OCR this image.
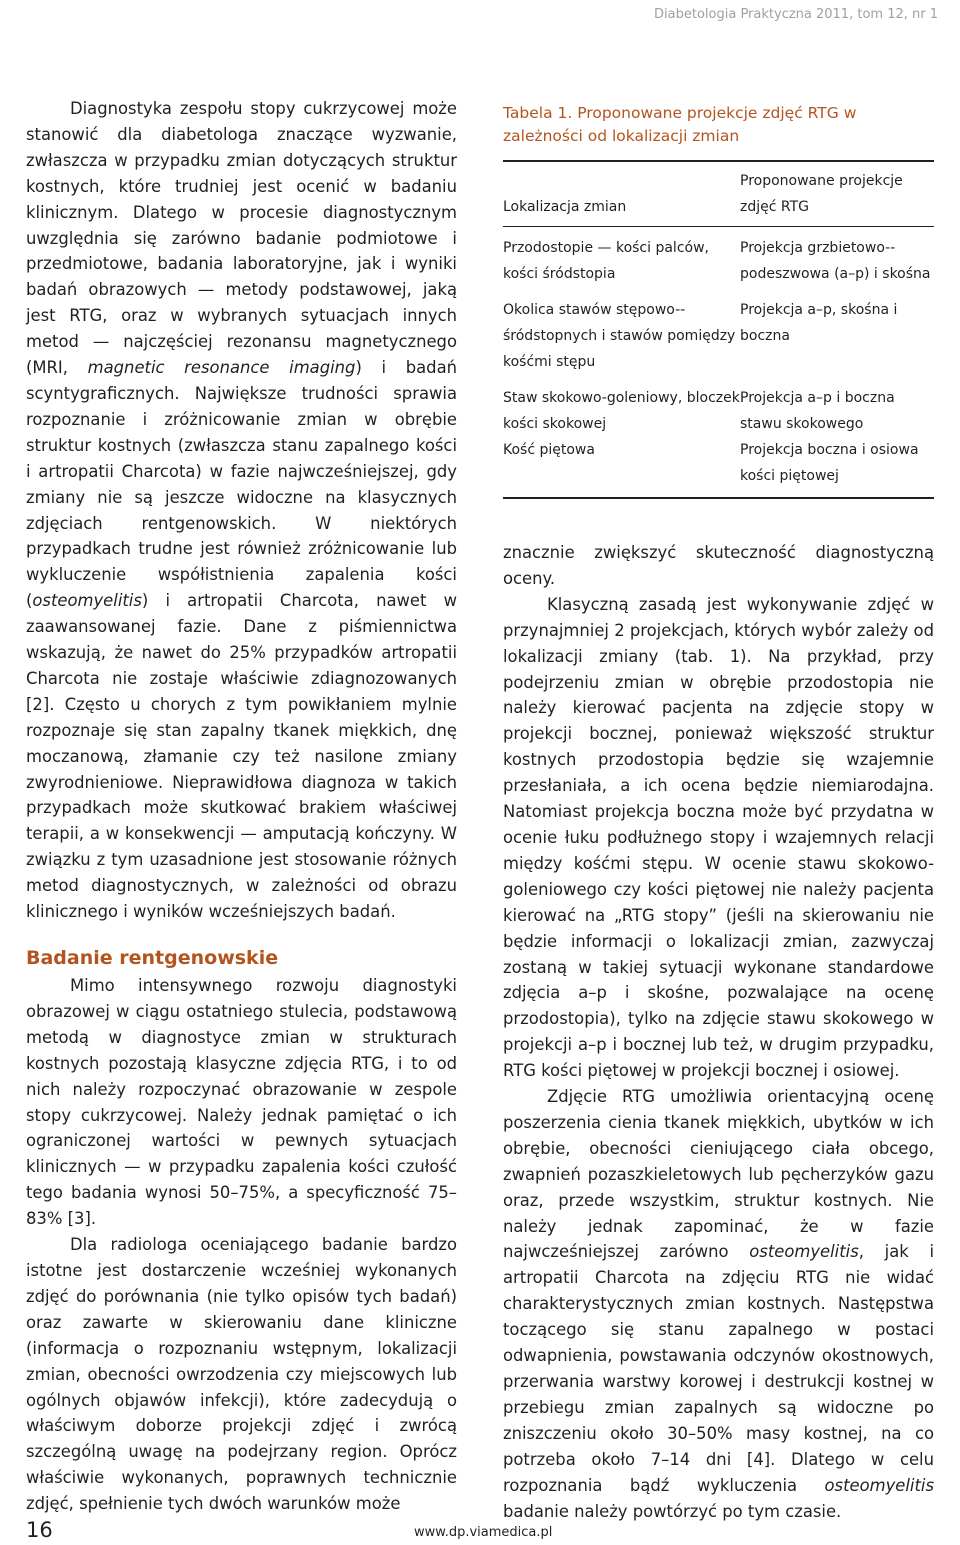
Diabetologia Praktyczna 2011, tom 12, nr 1

Diagnostyka zespołu stopy cukrzycowej może stanowić dla diabetologa znaczące wyzwanie, zwłaszcza w przypadku zmian dotyczących struktur kostnych, które trudniej jest ocenić w badaniu klinicznym. Dlatego w procesie diagnostycznym uwzględnia się zarówno badanie podmiotowe i przedmiotowe, badania laboratoryjne, jak i wyniki badań obrazowych — metody podstawowej, jaką jest RTG, oraz w wybranych sytuacjach innych metod — najczęściej rezonansu magnetycznego (MRI, magnetic resonance imaging) i badań scyntygraficznych. Największe trudności sprawia rozpoznanie i zróżnicowanie zmian w obrębie struktur kostnych (zwłaszcza stanu zapalnego kości i artropatii Charcota) w fazie najwcześniejszej, gdy zmiany nie są jeszcze widoczne na klasycznych zdjęciach rentgenowskich. W niektórych przypadkach trudne jest również zróżnicowanie lub wykluczenie współistnienia zapalenia kości (osteomyelitis) i artropatii Charcota, nawet w zaawansowanej fazie. Dane z piśmiennictwa wskazują, że nawet do 25% przypadków artropatii Charcota nie zostaje właściwie zdiagnozowanych [2]. Często u chorych z tym powikłaniem mylnie rozpoznaje się stan zapalny tkanek miękkich, dnę moczanową, złamanie czy też nasilone zmiany zwyrodnieniowe. Nieprawidłowa diagnoza w takich przypadkach może skutkować brakiem właściwej terapii, a w konsekwencji — amputacją kończyny. W związku z tym uzasadnione jest stosowanie różnych metod diagnostycznych, w zależności od obrazu klinicznego i wyników wcześniejszych badań.

Badanie rentgenowskie

Mimo intensywnego rozwoju diagnostyki obrazowej w ciągu ostatniego stulecia, podstawową metodą w diagnostyce zmian w strukturach kostnych pozostają klasyczne zdjęcia RTG, i to od nich należy rozpoczynać obrazowanie w zespole stopy cukrzycowej. Należy jednak pamiętać o ich ograniczonej wartości w pewnych sytuacjach klinicznych — w przypadku zapalenia kości czułość tego badania wynosi 50–75%, a specyficzność 75–83% [3].

Dla radiologa oceniającego badanie bardzo istotne jest dostarczenie wcześniej wykonanych zdjęć do porównania (nie tylko opisów tych badań) oraz zawarte w skierowaniu dane kliniczne (informacja o rozpoznaniu wstępnym, lokalizacji zmian, obecności owrzodzenia czy miejscowych lub ogólnych objawów infekcji), które zadecydują o właściwym doborze projekcji zdjęć i zwrócą szczególną uwagę na podejrzany region. Oprócz właściwie wykonanych, poprawnych technicznie zdjęć, spełnienie tych dwóch warunków może

Tabela 1. Proponowane projekcje zdjęć RTG w zależności od lokalizacji zmian
Lokalizacja zmian	Proponowane projekcje zdjęć RTG
Przodostopie — kości palców, kości śródstopia	Projekcja grzbietowo--podeszwowa (a–p) i skośna
Okolica stawów stępowo--śródstopnych i stawów pomiędzy kośćmi stępu	Projekcja a–p, skośna i boczna
Staw skokowo-goleniowy, bloczek kości skokowej	Projekcja a–p i boczna stawu skokowego
Kość piętowa	Projekcja boczna i osiowa kości piętowej

znacznie zwiększyć skuteczność diagnostyczną oceny.

Klasyczną zasadą jest wykonywanie zdjęć w przynajmniej 2 projekcjach, których wybór zależy od lokalizacji zmiany (tab. 1). Na przykład, przy podejrzeniu zmian w obrębie przodostopia nie należy kierować pacjenta na zdjęcie stopy w projekcji bocznej, ponieważ większość struktur kostnych przodostopia będzie się wzajemnie przesłaniała, a ich ocena będzie niemiarodajna. Natomiast projekcja boczna może być przydatna w ocenie łuku podłużnego stopy i wzajemnych relacji między kośćmi stępu. W ocenie stawu skokowo-goleniowego czy kości piętowej nie należy pacjenta kierować na „RTG stopy” (jeśli na skierowaniu nie będzie informacji o lokalizacji zmian, zazwyczaj zostaną w takiej sytuacji wykonane standardowe zdjęcia a–p i skośne, pozwalające na ocenę przodostopia), tylko na zdjęcie stawu skokowego w projekcji a–p i bocznej lub też, w drugim przypadku, RTG kości piętowej w projekcji bocznej i osiowej.

Zdjęcie RTG umożliwia orientacyjną ocenę poszerzenia cienia tkanek miękkich, ubytków w ich obrębie, obecności cieniującego ciała obcego, zwapnień pozaszkieletowych lub pęcherzyków gazu oraz, przede wszystkim, struktur kostnych. Nie należy jednak zapominać, że w fazie najwcześniejszej zarówno osteomyelitis, jak i artropatii Charcota na zdjęciu RTG nie widać charakterystycznych zmian kostnych. Następstwa toczącego się stanu zapalnego w postaci odwapnienia, powstawania odczynów okostnowych, przerwania warstwy korowej i destrukcji kostnej w przebiegu zmian zapalnych są widoczne po zniszczeniu około 30–50% masy kostnej, na co potrzeba około 7–14 dni [4]. Dlatego w celu rozpoznania bądź wykluczenia osteomyelitis badanie należy powtórzyć po tym czasie.

16	www.dp.viamedica.pl
